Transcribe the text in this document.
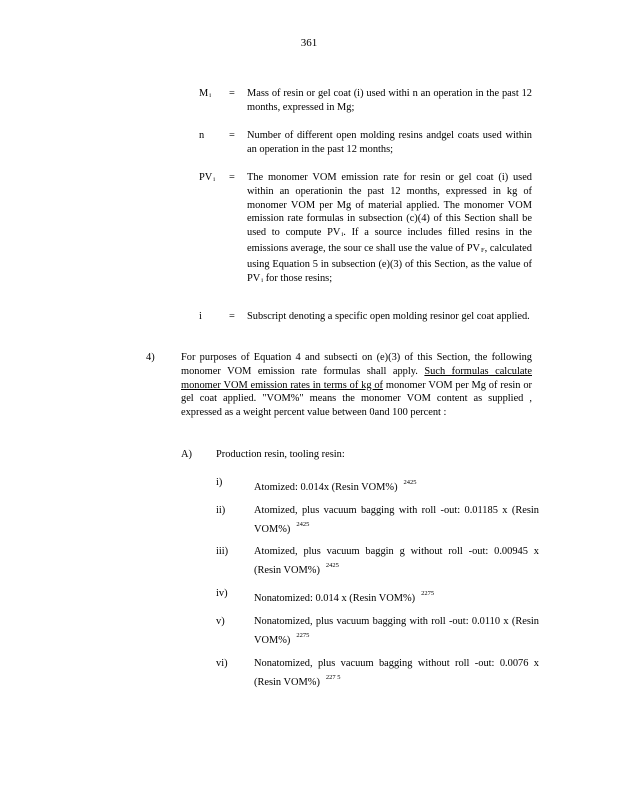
361
Mi	=	Mass of resin or gel coat (i) used withi n an operation in the past 12 months, expressed in Mg;
n	=	Number of different open molding resins andgel coats used within an operation in the past 12 months;
PVi	=	The monomer VOM emission rate for resin or gel coat (i) used within an operationin the past 12 months, expressed in kg of monomer VOM per Mg of material applied. The monomer VOM emission rate formulas in subsection (c)(4) of this Section shall be used to compute PVi. If a source includes filled resins in the emissions average, the sour ce shall use the value of PVF, calculated using Equation 5 in subsection (e)(3) of this Section, as the value of PVi for those resins;
i	=	Subscript denoting a specific open molding resinor gel coat applied.
4)	For purposes of Equation 4 and subsecti on (e)(3) of this Section, the following monomer VOM emission rate formulas shall apply. Such formulas calculate monomer VOM emission rates in terms of kg of monomer VOM per Mg of resin or gel coat applied. "VOM%" means the monomer VOM content as supplied , expressed as a weight percent value between 0and 100 percent :
A) Production resin, tooling resin:
i)	Atomized: 0.014x (Resin VOM%) $^{2425}$
ii)	Atomized, plus vacuum bagging with roll -out: 0.01185 x (Resin VOM%) $^{2425}$
iii) Atomized, plus vacuum baggin g without roll -out: 0.00945 x (Resin VOM%) $^{2425}$
iv)	Nonatomized: 0.014 x (Resin VOM%) $^{2275}$
v)	Nonatomized, plus vacuum bagging with roll -out: 0.0110 x (Resin VOM%) $^{2275}$
vi)	Nonatomized, plus vacuum bagging without roll -out: 0.0076 x (Resin VOM%) $^{227 5}$
